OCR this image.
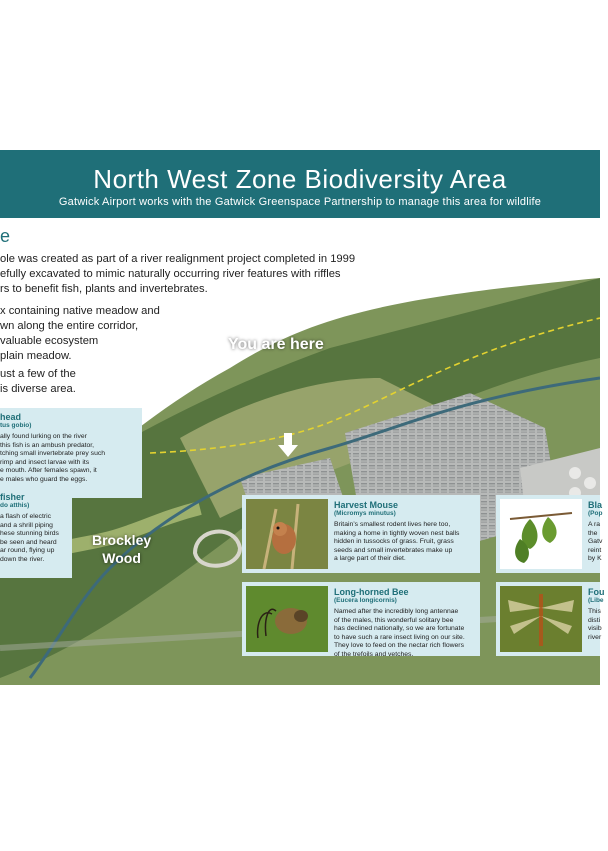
North West Zone Biodiversity Area
Gatwick Airport works with the Gatwick Greenspace Partnership to manage this area for wildlife
e
ole was created as part of a river realignment project completed in 1999
efully excavated to mimic naturally occurring river features with riffles
rs to benefit fish, plants and invertebrates.
x containing native meadow and
wn along the entire corridor,
valuable ecosystem
plain meadow.
ust a few of the
is diverse area.
You are here
Brockley
Wood
head
tus gobio)
ally found lurking on the river
this fish is an ambush predator,
tching small invertebrate prey such
rimp and insect larvae with its
e mouth. After females spawn, it
e males who guard the eggs.
fisher
do atthis)
a flash of electric
and a shrill piping
hese stunning birds
be seen and heard
ar round, flying up
down the river.
Harvest Mouse
(Micromys minutus)
Britain’s smallest rodent lives here too,
making a home in tightly woven nest balls
hidden in tussocks of grass. Fruit, grass
seeds and small invertebrates make up
a large part of their diet.
Long-horned Bee
(Eucera longicornis)
Named after the incredibly long antennae
of the males, this wonderful solitary bee
has declined nationally, so we are fortunate
to have such a rare insect living on our site.
They love to feed on the nectar rich flowers
of the trefoils and vetches.
Bla
(Pop
A ra
the
Gatv
reint
by K
Fou
(Libe
This
disti
visib
river
